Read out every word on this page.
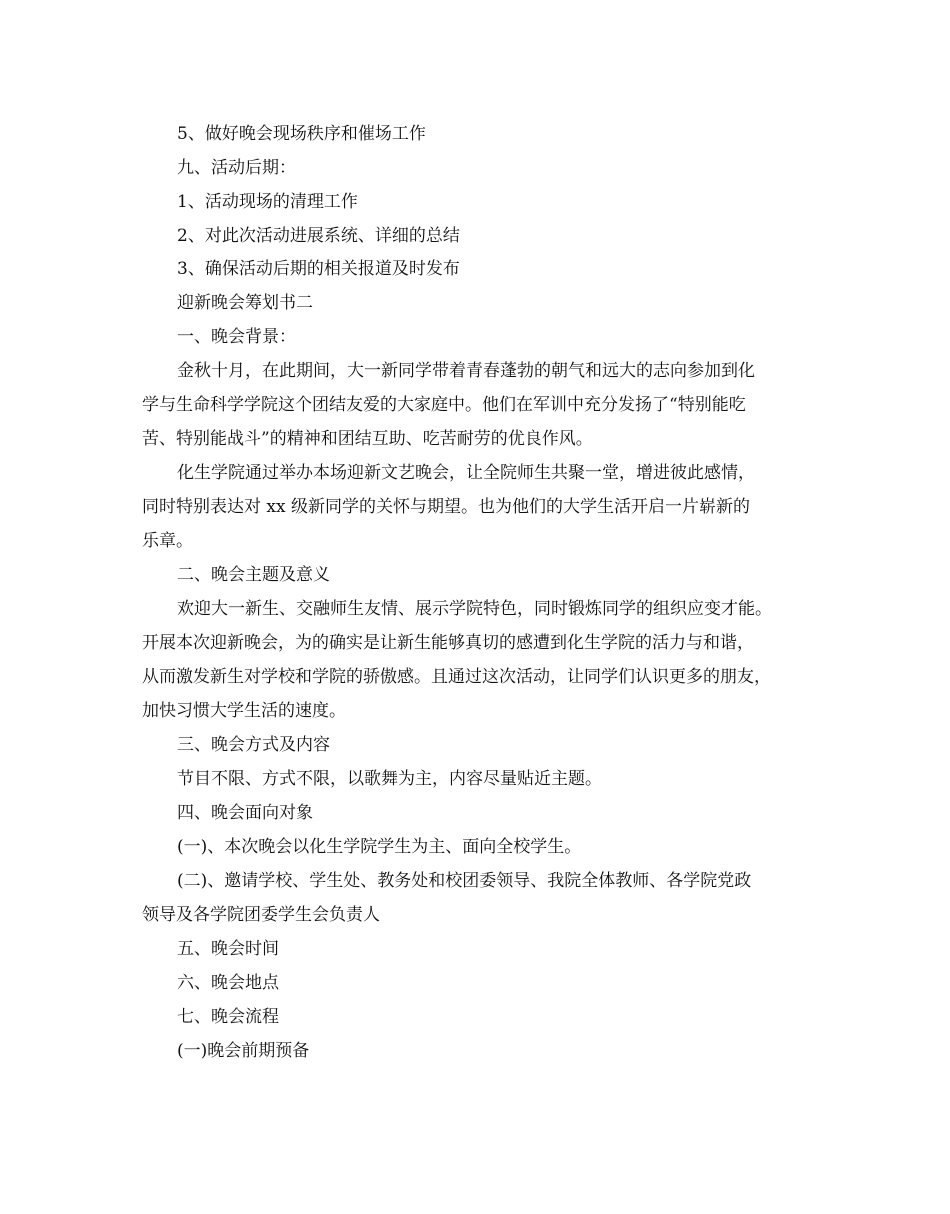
5、做好晚会现场秩序和催场工作
九、活动后期：
1、活动现场的清理工作
2、对此次活动进展系统、详细的总结
3、确保活动后期的相关报道及时发布
迎新晚会筹划书二
一、晚会背景：
金秋十月，在此期间，大一新同学带着青春蓬勃的朝气和远大的志向参加到化
学与生命科学学院这个团结友爱的大家庭中。他们在军训中充分发扬了“特别能吃
苦、特别能战斗”的精神和团结互助、吃苦耐劳的优良作风。
化生学院通过举办本场迎新文艺晚会，让全院师生共聚一堂，增进彼此感情，
同时特别表达对 xx 级新同学的关怀与期望。也为他们的大学生活开启一片崭新的
乐章。
二、晚会主题及意义
欢迎大一新生、交融师生友情、展示学院特色，同时锻炼同学的组织应变才能。
开展本次迎新晚会，为的确实是让新生能够真切的感遭到化生学院的活力与和谐，
从而激发新生对学校和学院的骄傲感。且通过这次活动，让同学们认识更多的朋友，
加快习惯大学生活的速度。
三、晚会方式及内容
节目不限、方式不限，以歌舞为主，内容尽量贴近主题。
四、晚会面向对象
(一)、本次晚会以化生学院学生为主、面向全校学生。
(二)、邀请学校、学生处、教务处和校团委领导、我院全体教师、各学院党政
领导及各学院团委学生会负责人
五、晚会时间
六、晚会地点
七、晚会流程
(一)晚会前期预备
